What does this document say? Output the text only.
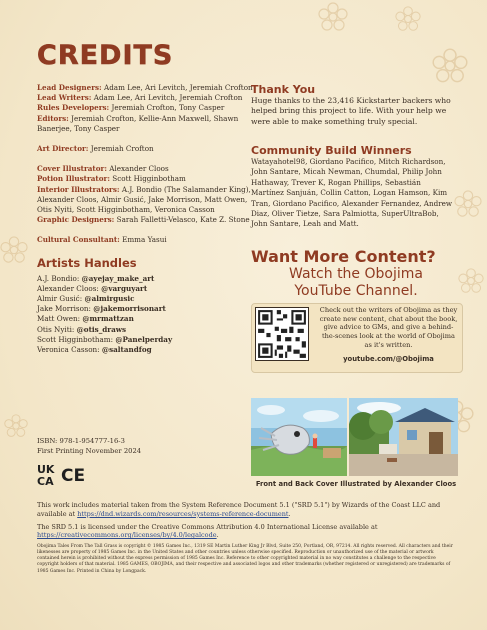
CREDITS

Lead Designers: Adam Lee, Ari Levitch, Jeremiah Crofton

Lead Writers: Adam Lee, Ari Levitch, Jeremiah Crofton

Rules Developers: Jeremiah Crofton, Tony Casper

Editors: Jeremiah Crofton, Kellie-Ann Maxwell, Shawn Banerjee, Tony Casper

Art Director: Jeremiah Crofton

Cover Illustrator: Alexander Cloos

Potion Illustrator: Scott Higginbotham

Interior Illustrators: A.J. Bondio (The Salamander King), Alexander Cloos, Almir Gusić, Jake Morrison, Matt Owen, Otis Nyiti, Scott Higginbotham, Veronica Casson

Graphic Designers: Sarah Falletti-Velasco, Kate Z. Stone

Cultural Consultant: Emma Yasui

Artists Handles

A.J. Bondio: @ayejay_make_art

Alexander Cloos: @varguyart

Almir Gusić: @almirgusic

Jake Morrison: @jakemorrisonart

Matt Owen: @mrmattzan

Otis Nyiti: @otis_draws

Scott Higginbotham: @Panelperday

Veronica Casson: @saltandfog

Thank You

Huge thanks to the 23,416 Kickstarter backers who helped bring this project to life. With your help we were able to make something truly special.

Community Build Winners

Watayahotel98, Giordano Pacifico, Mitch Richardson, John Santare, Micah Newman, Chumdal, Philip John Hathaway, Trever K, Rogan Phillips, Sebastián Martínez Sanjuán, Collin Catton, Logan Hamson, Kim Tran, Giordano Pacifico, Alexander Fernandez, Andrew Diaz, Oliver Tietze, Sara Palmiotta, SuperUltraBob, John Santare, Leah and Matt.

Want More Content?
Watch the Obojima
YouTube Channel.

Check out the writers of Obojima as they create new content, chat about the book, give advice to GMs, and give a behind-the-scenes look at the world of Obojima as it's written.

youtube.com/@Obojima
Front and Back Cover Illustrated by Alexander Cloos
ISBN: 978-1-954777-16-3
First Printing November 2024
UK
CA CE

This work includes material taken from the System Reference Document 5.1 ("SRD 5.1") by Wizards of the Coast LLC and available at https://dnd.wizards.com/resources/systems-reference-document.

The SRD 5.1 is licensed under the Creative Commons Attribution 4.0 International License available at
https://creativecommons.org/licenses/by/4.0/legalcode.

Obojima Tales From The Tall Grass is copyright © 1985 Games Inc., 1319 SE Martin Luther King Jr Blvd, Suite 250, Portland, OR, 97214. All rights reserved. All characters and their likenesses are property of 1985 Games Inc. in the United States and other countries unless otherwise specified. Reproduction or unauthorized use of the material or artwork contained herein is prohibited without the express permission of 1985 Games Inc. Reference to other copyrighted material in no way constitutes a challenge to the respective copyright holders of that material. 1985 GAMES, OBOJIMA, and their respective and associated logos and other trademarks (whether registered or unregistered) are trademarks of 1985 Games Inc. Printed in China by Longpack.
